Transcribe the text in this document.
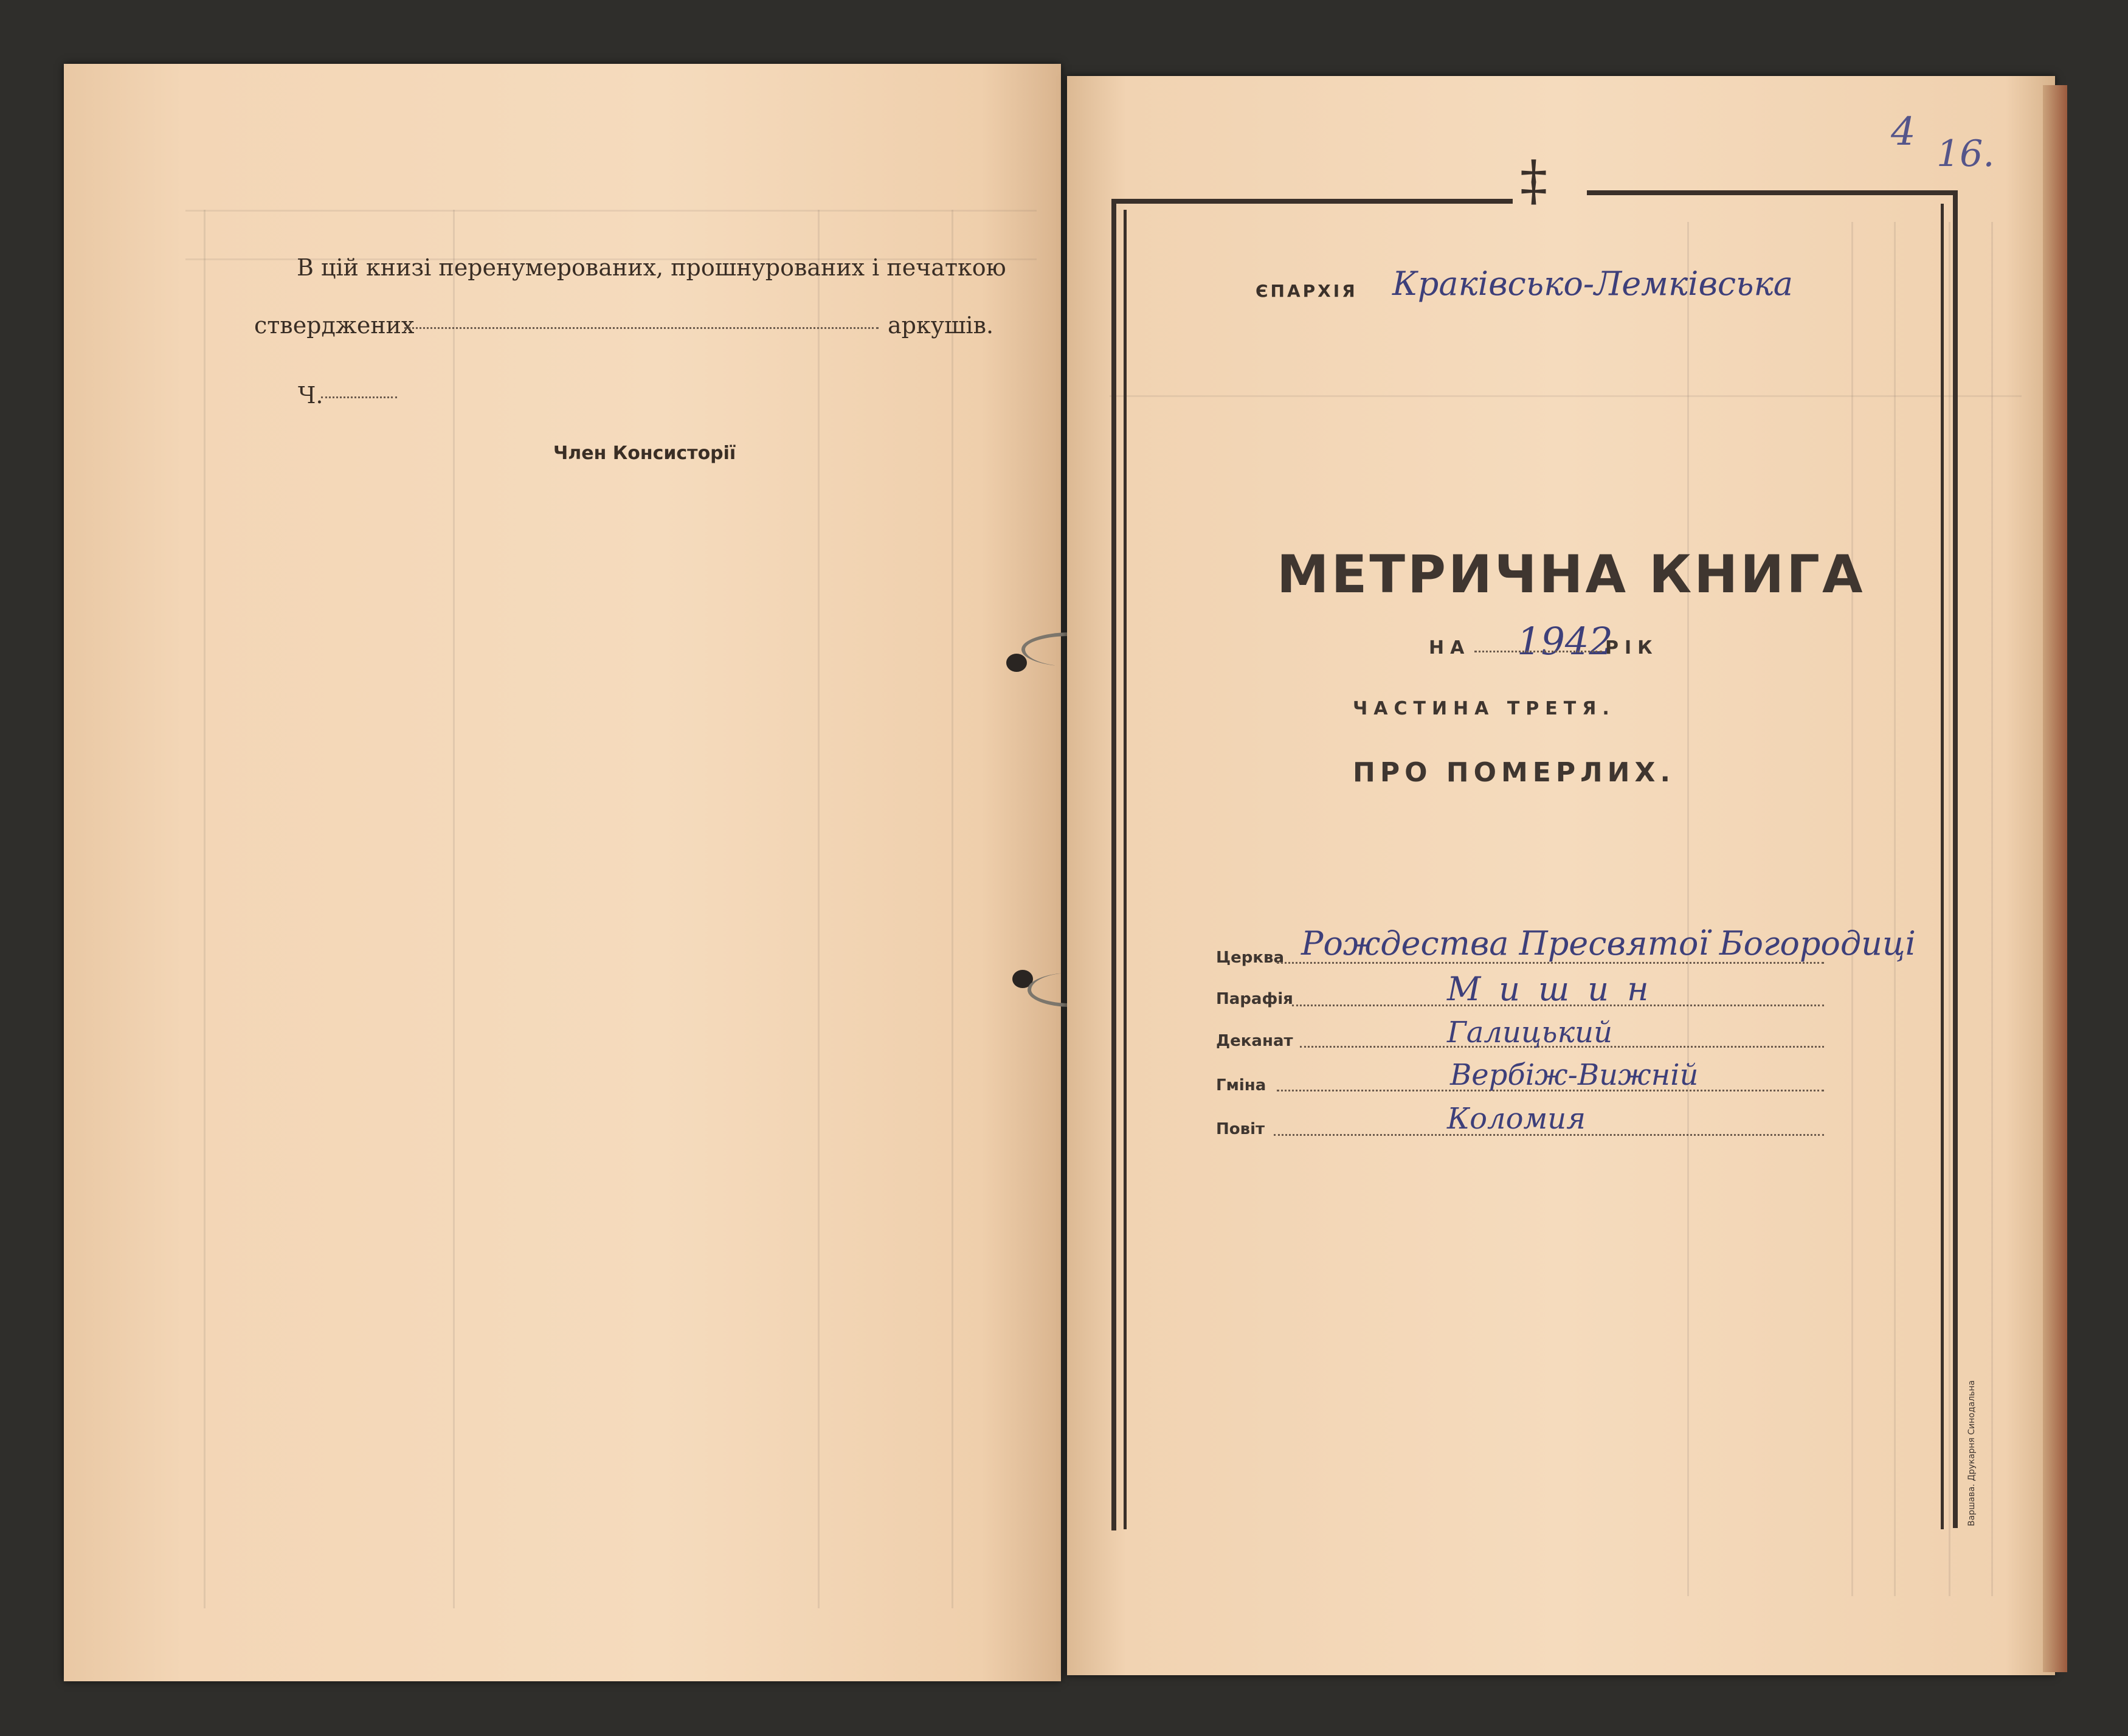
В цій книзі перенумерованих, прошнурованих і печаткою
стверджених	аркушів.
Ч.
Член Консисторії
‡
4 16.
ЄПАРХІЯ Краківсько-Лемківська
МЕТРИЧНА КНИГА
НА 1942
РІК
ЧАСТИНА ТРЕТЯ.
ПРО ПОМЕРЛИХ.
Церква Рождества Пресвятої Богородиці
Парафія	Мишин
Деканат	Галицький
Гміна	Вербіж-Вижній
Повіт	Коломия
Варшава. Друкарня Синодальна
